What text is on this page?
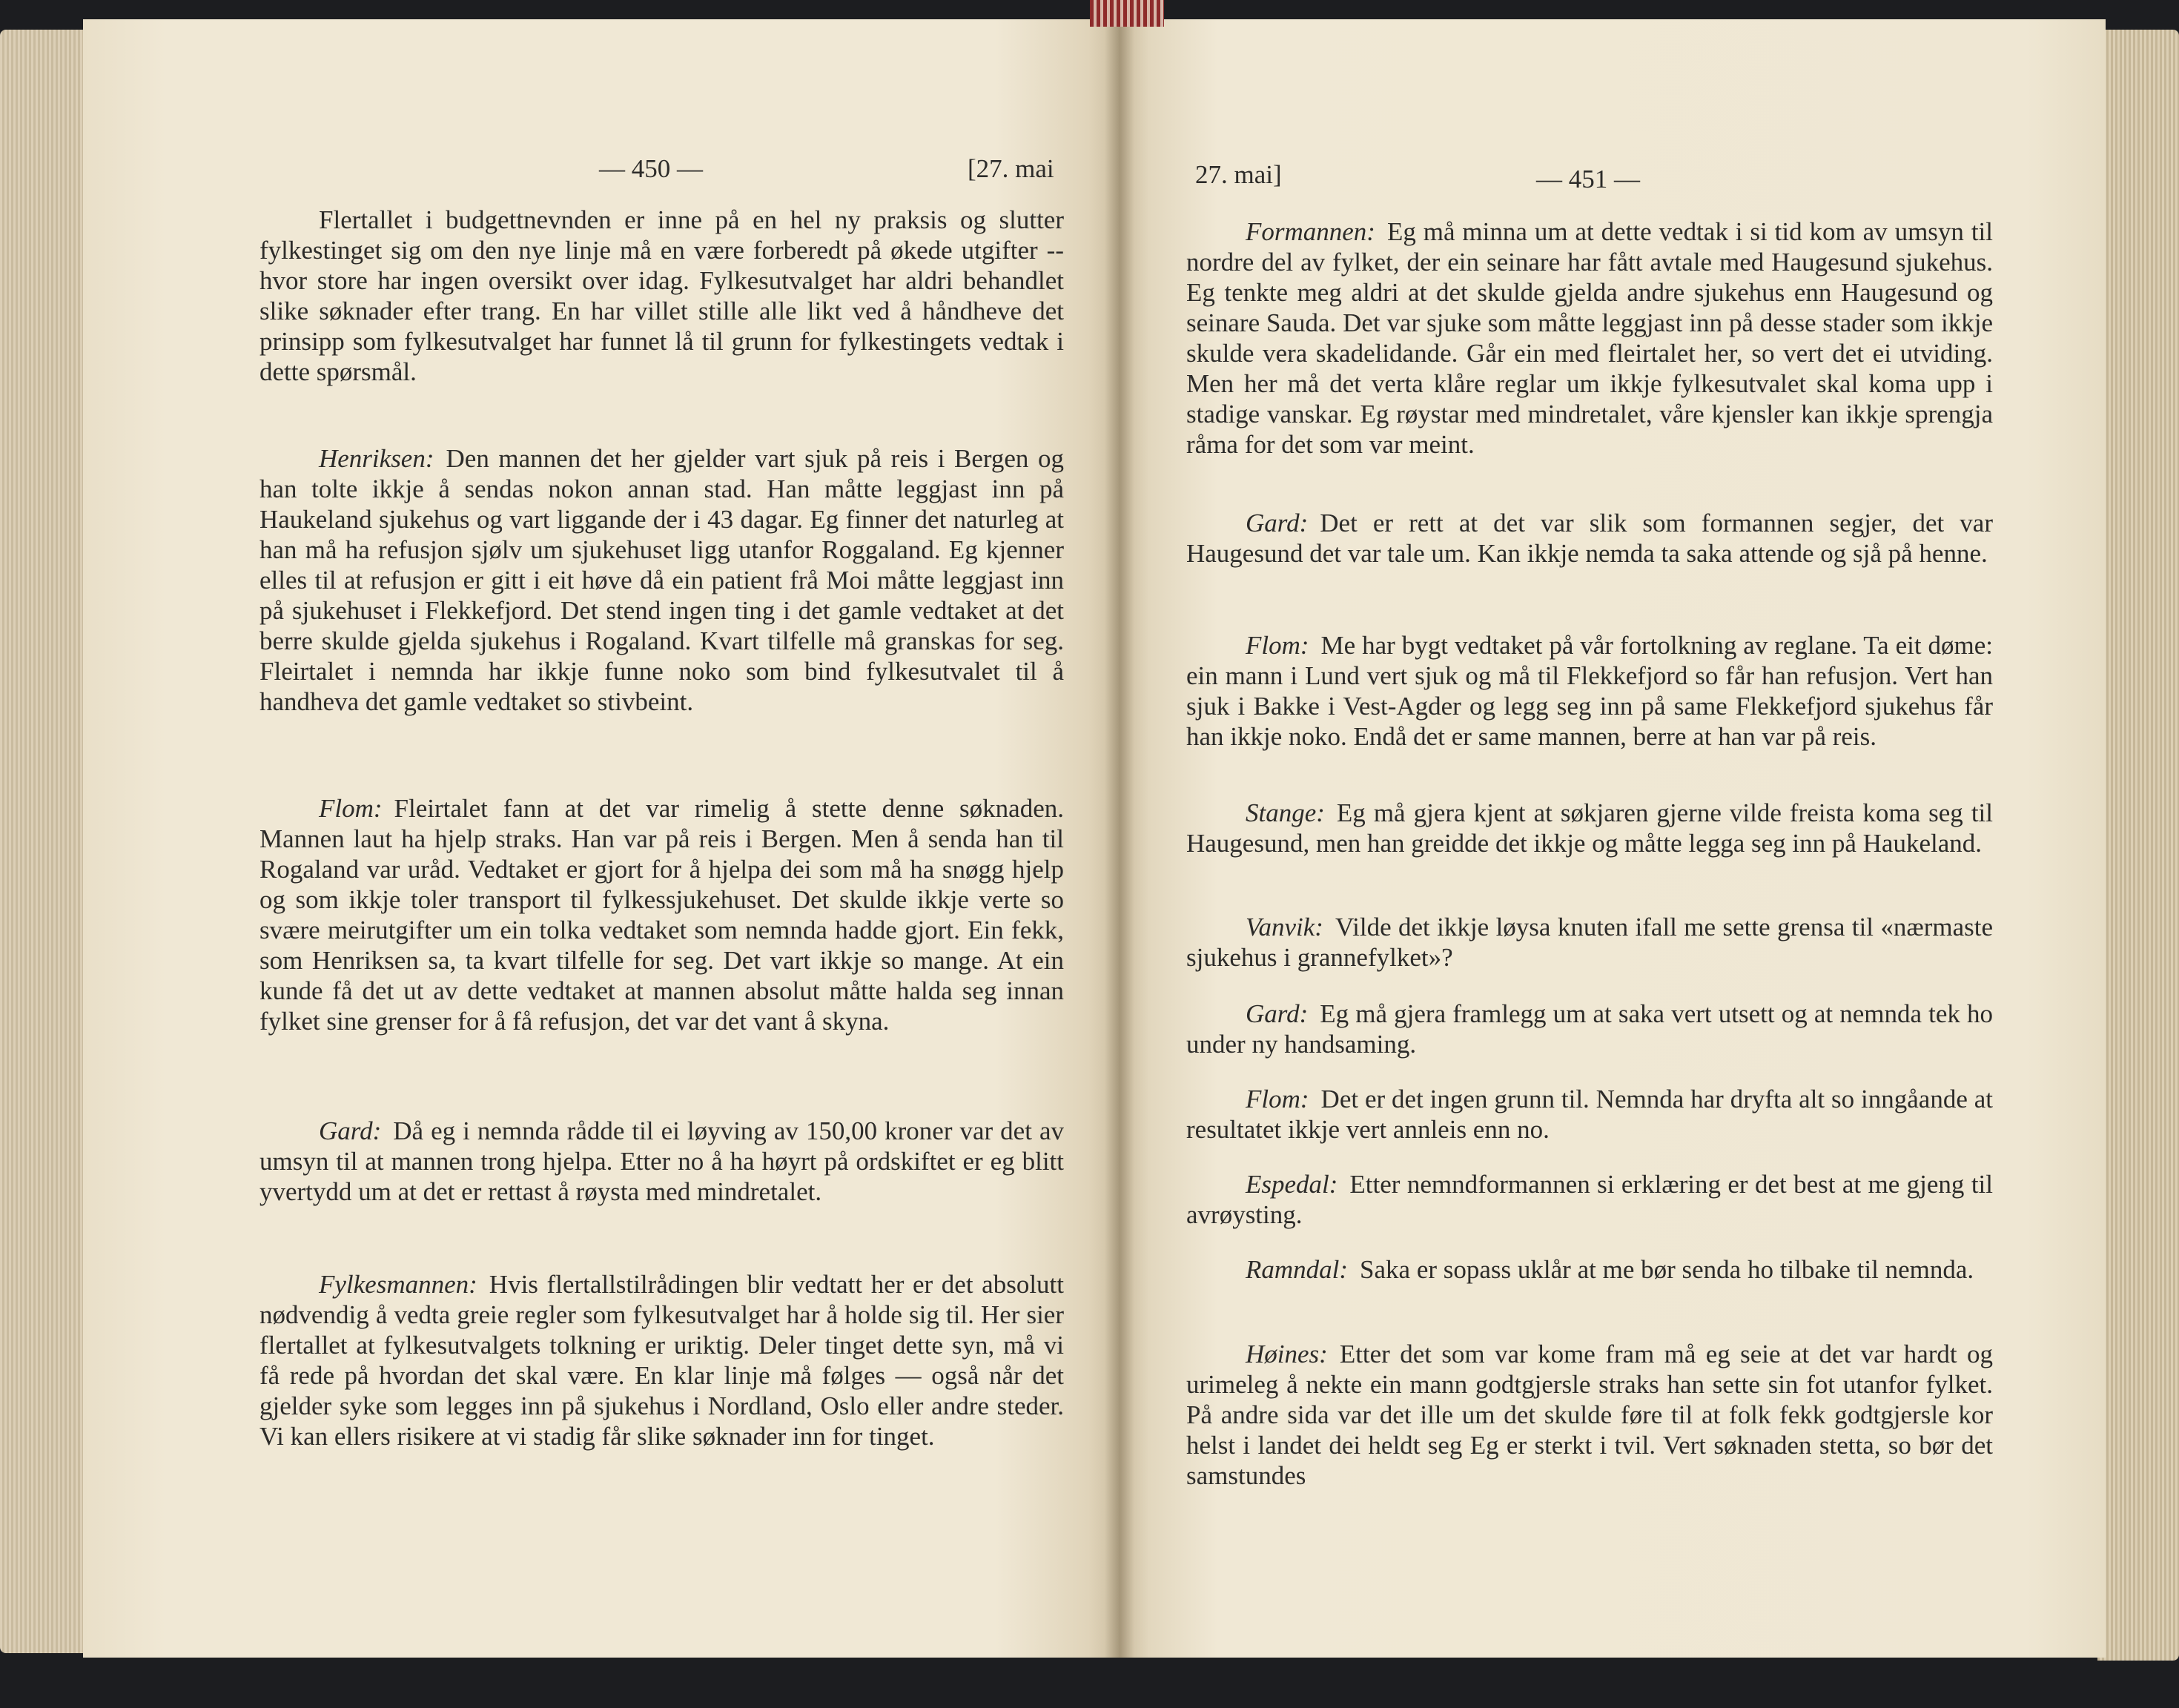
— 450 —	[27. mai

Flertallet i budgettnevnden er inne på en hel ny praksis og slutter fylkestinget sig om den nye linje må en være forberedt på økede utgifter -- hvor store har ingen oversikt over idag. Fylkesutvalget har aldri behandlet slike søknader efter trang. En har villet stille alle likt ved å håndheve det prinsipp som fylkesutvalget har funnet lå til grunn for fylkestingets vedtak i dette spørsmål.

Henriksen: Den mannen det her gjelder vart sjuk på reis i Bergen og han tolte ikkje å sendas nokon annan stad. Han måtte leggjast inn på Haukeland sjukehus og vart liggande der i 43 dagar. Eg finner det naturleg at han må ha refusjon sjølv um sjukehuset ligg utanfor Roggaland. Eg kjenner elles til at refusjon er gitt i eit høve då ein patient frå Moi måtte leggjast inn på sjukehuset i Flekkefjord. Det stend ingen ting i det gamle vedtaket at det berre skulde gjelda sjukehus i Rogaland. Kvart tilfelle må granskas for seg. Fleirtalet i nemnda har ikkje funne noko som bind fylkesutvalet til å handheva det gamle vedtaket so stivbeint.

Flom: Fleirtalet fann at det var rimelig å stette denne søknaden. Mannen laut ha hjelp straks. Han var på reis i Bergen. Men å senda han til Rogaland var uråd. Vedtaket er gjort for å hjelpa dei som må ha snøgg hjelp og som ikkje toler transport til fylkessjukehuset. Det skulde ikkje verte so svære meirutgifter um ein tolka vedtaket som nemnda hadde gjort. Ein fekk, som Henriksen sa, ta kvart tilfelle for seg. Det vart ikkje so mange. At ein kunde få det ut av dette vedtaket at mannen absolut måtte halda seg innan fylket sine grenser for å få refusjon, det var det vant å skyna.

Gard: Då eg i nemnda rådde til ei løyving av 150,00 kroner var det av umsyn til at mannen trong hjelpa. Etter no å ha høyrt på ordskiftet er eg blitt yvertydd um at det er rettast å røysta med mindretalet.

Fylkesmannen: Hvis flertallstilrådingen blir vedtatt her er det absolutt nødvendig å vedta greie regler som fylkesutvalget har å holde sig til. Her sier flertallet at fylkesutvalgets tolkning er uriktig. Deler tinget dette syn, må vi få rede på hvordan det skal være. En klar linje må følges — også når det gjelder syke som legges inn på sjukehus i Nordland, Oslo eller andre steder. Vi kan ellers risikere at vi stadig får slike søknader inn for tinget.

27. mai]	— 451 —

Formannen: Eg må minna um at dette vedtak i si tid kom av umsyn til nordre del av fylket, der ein seinare har fått avtale med Haugesund sjukehus. Eg tenkte meg aldri at det skulde gjelda andre sjukehus enn Haugesund og seinare Sauda. Det var sjuke som måtte leggjast inn på desse stader som ikkje skulde vera skadelidande. Går ein med fleirtalet her, so vert det ei utviding. Men her må det verta klåre reglar um ikkje fylkesutvalet skal koma upp i stadige vanskar. Eg røystar med mindretalet, våre kjensler kan ikkje sprengja råma for det som var meint.

Gard: Det er rett at det var slik som formannen segjer, det var Haugesund det var tale um. Kan ikkje nemda ta saka attende og sjå på henne.

Flom: Me har bygt vedtaket på vår fortolkning av reglane. Ta eit døme: ein mann i Lund vert sjuk og må til Flekkefjord so får han refusjon. Vert han sjuk i Bakke i Vest-Agder og legg seg inn på same Flekkefjord sjukehus får han ikkje noko. Endå det er same mannen, berre at han var på reis.

Stange: Eg må gjera kjent at søkjaren gjerne vilde freista koma seg til Haugesund, men han greidde det ikkje og måtte legga seg inn på Haukeland.

Vanvik: Vilde det ikkje løysa knuten ifall me sette grensa til «nærmaste sjukehus i grannefylket»?

Gard: Eg må gjera framlegg um at saka vert utsett og at nemnda tek ho under ny handsaming.

Flom: Det er det ingen grunn til. Nemnda har dryfta alt so inngåande at resultatet ikkje vert annleis enn no.

Espedal: Etter nemndformannen si erklæring er det best at me gjeng til avrøysting.

Ramndal: Saka er sopass uklår at me bør senda ho tilbake til nemnda.

Høines: Etter det som var kome fram må eg seie at det var hardt og urimeleg å nekte ein mann godtgjersle straks han sette sin fot utanfor fylket. På andre sida var det ille um det skulde føre til at folk fekk godtgjersle kor helst i landet dei heldt seg Eg er sterkt i tvil. Vert søknaden stetta, so bør det samstundes
